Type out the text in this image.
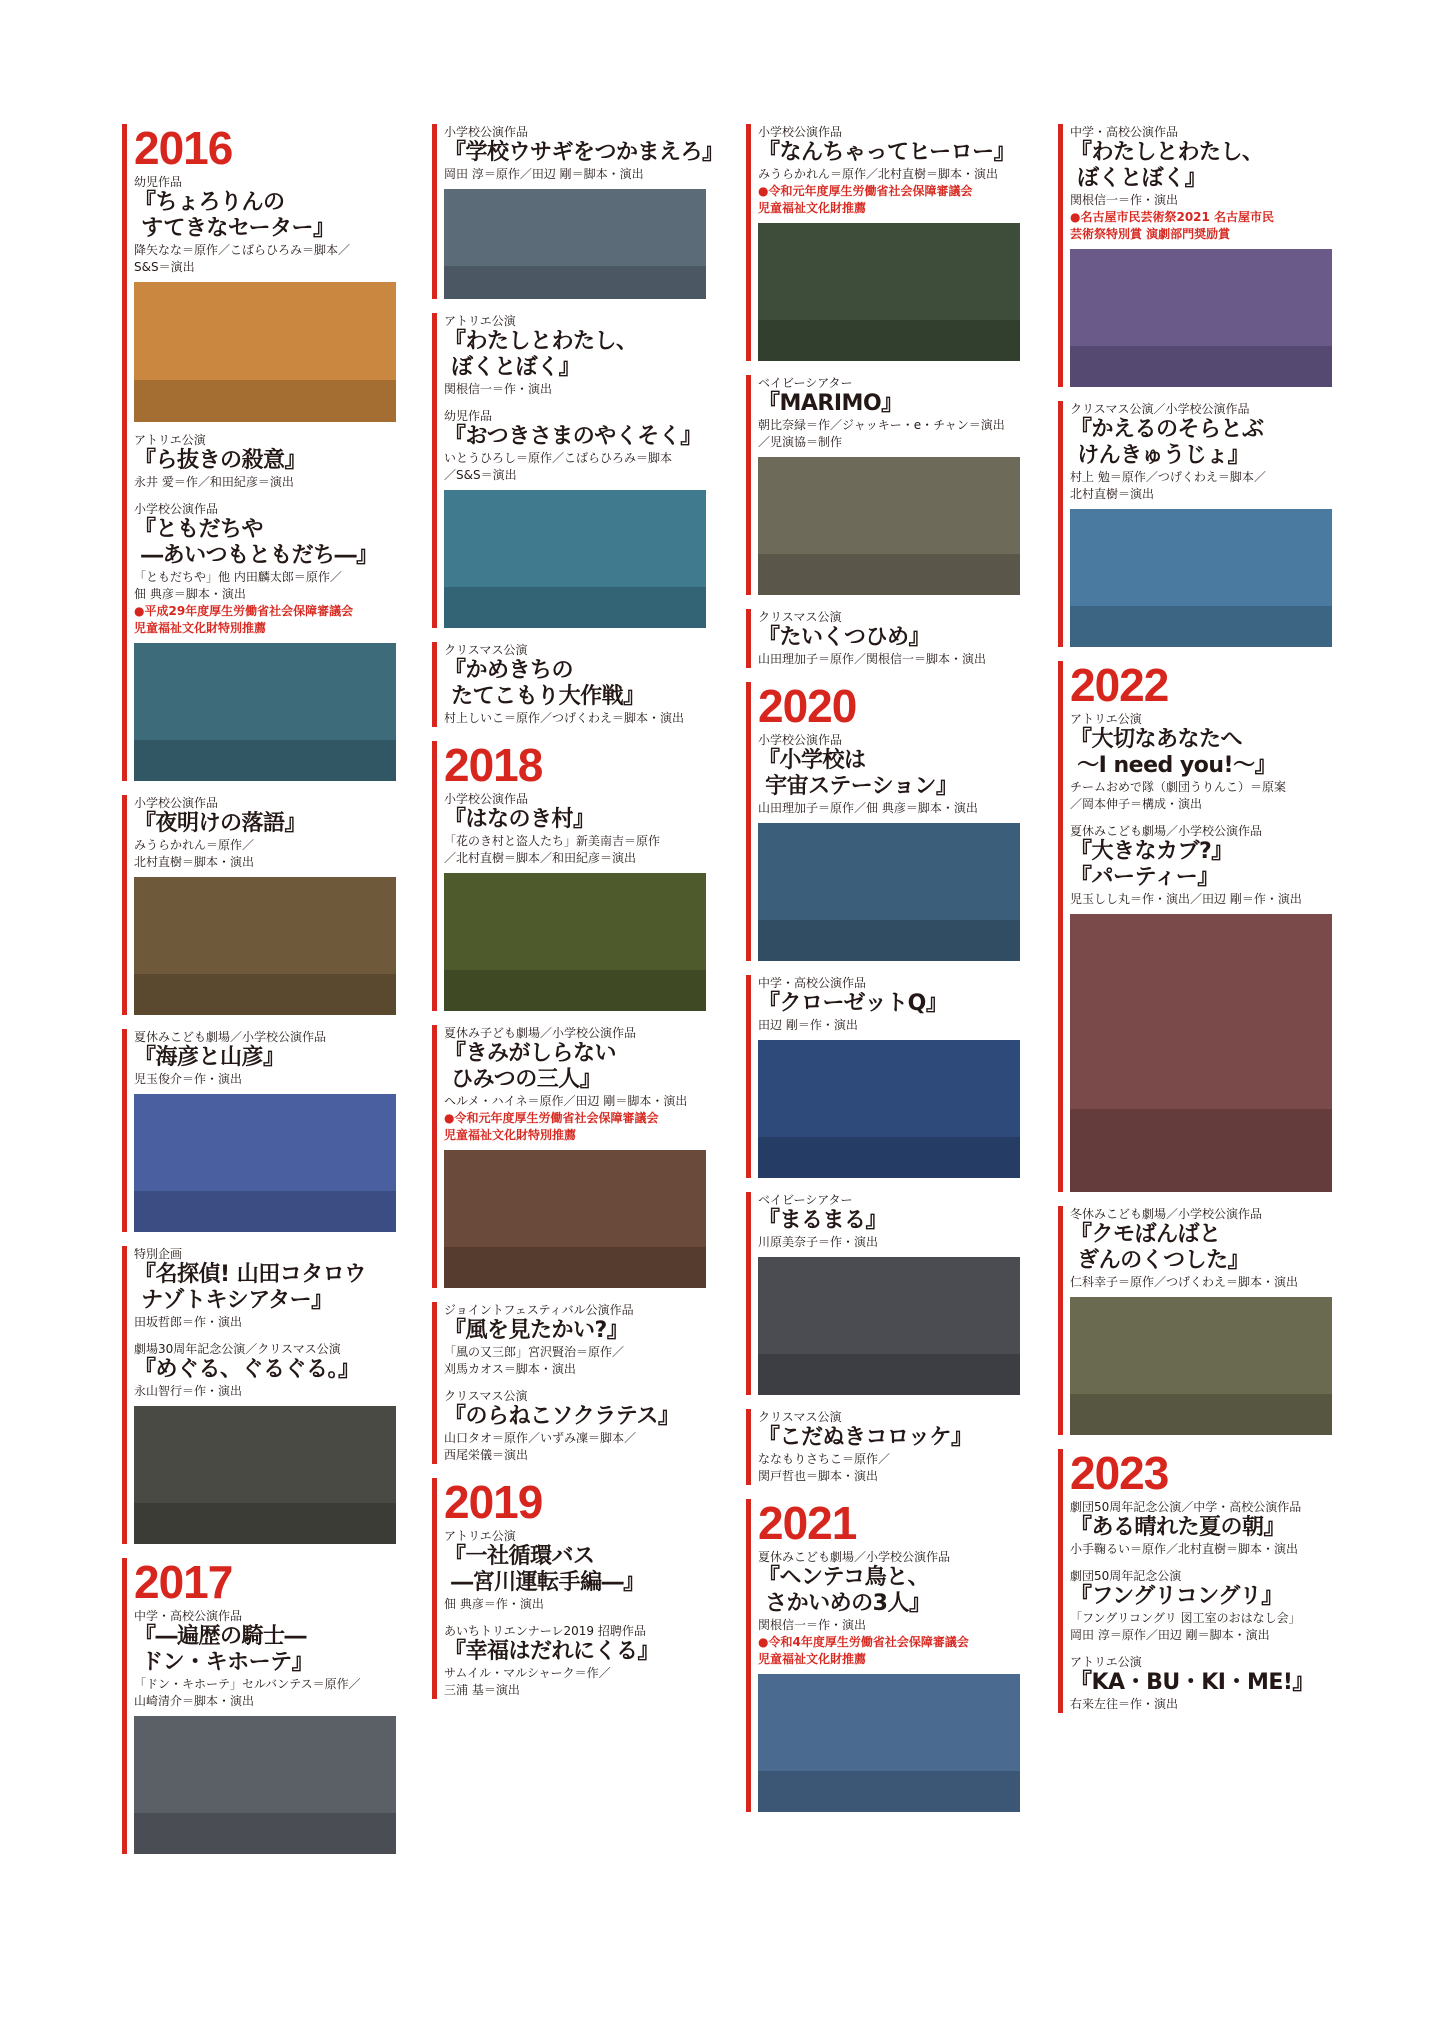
2016
幼児作品
『ちょろりんの
すてきなセーター』
降矢なな＝原作／こばらひろみ＝脚本／
S&S＝演出
アトリエ公演
『ら抜きの殺意』
永井 愛＝作／和田紀彦＝演出
小学校公演作品
『ともだちや
―あいつもともだち―』
「ともだちや」他 内田麟太郎＝原作／
佃 典彦＝脚本・演出
●平成29年度厚生労働省社会保障審議会
児童福祉文化財特別推薦
小学校公演作品
『夜明けの落語』
みうらかれん＝原作／
北村直樹＝脚本・演出
夏休みこども劇場／小学校公演作品
『海彦と山彦』
児玉俊介＝作・演出
特別企画
『名探偵! 山田コタロウ
ナゾトキシアター』
田坂哲郎＝作・演出
劇場30周年記念公演／クリスマス公演
『めぐる、ぐるぐる。』
永山智行＝作・演出
2017
中学・高校公演作品
『―遍歴の騎士―
ドン・キホーテ』
「ドン・キホーテ」セルバンテス＝原作／
山崎清介＝脚本・演出
小学校公演作品
『学校ウサギをつかまえろ』
岡田 淳＝原作／田辺 剛＝脚本・演出
アトリエ公演
『わたしとわたし、
ぼくとぼく』
関根信一＝作・演出
幼児作品
『おつきさまのやくそく』
いとうひろし＝原作／こばらひろみ＝脚本
／S&S＝演出
クリスマス公演
『かめきちの
たてこもり大作戦』
村上しいこ＝原作／つげくわえ＝脚本・演出
2018
小学校公演作品
『はなのき村』
「花のき村と盗人たち」新美南吉＝原作
／北村直樹＝脚本／和田紀彦＝演出
夏休み子ども劇場／小学校公演作品
『きみがしらない
ひみつの三人』
ヘルメ・ハイネ＝原作／田辺 剛＝脚本・演出
●令和元年度厚生労働省社会保障審議会
児童福祉文化財特別推薦
ジョイントフェスティバル公演作品
『風を見たかい?』
「風の又三郎」宮沢賢治＝原作／
刈馬カオス＝脚本・演出
クリスマス公演
『のらねこソクラテス』
山口タオ＝原作／いずみ凜＝脚本／
西尾栄儀＝演出
2019
アトリエ公演
『一社循環バス
―宮川運転手編―』
佃 典彦＝作・演出
あいちトリエンナーレ2019 招聘作品
『幸福はだれにくる』
サムイル・マルシャーク＝作／
三浦 基＝演出
小学校公演作品
『なんちゃってヒーロー』
みうらかれん＝原作／北村直樹＝脚本・演出
●令和元年度厚生労働省社会保障審議会
児童福祉文化財推薦
ベイビーシアター
『MARIMO』
朝比奈緑＝作／ジャッキー・e・チャン＝演出
／児演協＝制作
クリスマス公演
『たいくつひめ』
山田理加子＝原作／関根信一＝脚本・演出
2020
小学校公演作品
『小学校は
宇宙ステーション』
山田理加子＝原作／佃 典彦＝脚本・演出
中学・高校公演作品
『クローゼットQ』
田辺 剛＝作・演出
ベイビーシアター
『まるまる』
川原美奈子＝作・演出
クリスマス公演
『こだぬきコロッケ』
ななもりさちこ＝原作／
関戸哲也＝脚本・演出
2021
夏休みこども劇場／小学校公演作品
『ヘンテコ鳥と、
さかいめの3人』
関根信一＝作・演出
●令和4年度厚生労働省社会保障審議会
児童福祉文化財推薦
中学・高校公演作品
『わたしとわたし、
ぼくとぼく』
関根信一＝作・演出
●名古屋市民芸術祭2021 名古屋市民
芸術祭特別賞 演劇部門奨励賞
クリスマス公演／小学校公演作品
『かえるのそらとぶ
けんきゅうじょ』
村上 勉＝原作／つげくわえ＝脚本／
北村直樹＝演出
2022
アトリエ公演
『大切なあなたへ
～I need you!～』
チームおめで隊（劇団うりんこ）＝原案
／岡本伸子＝構成・演出
夏休みこども劇場／小学校公演作品
『大きなカブ?』
『パーティー』
児玉しし丸＝作・演出／田辺 剛＝作・演出
冬休みこども劇場／小学校公演作品
『クモばんばと
ぎんのくつした』
仁科幸子＝原作／つげくわえ＝脚本・演出
2023
劇団50周年記念公演／中学・高校公演作品
『ある晴れた夏の朝』
小手鞠るい＝原作／北村直樹＝脚本・演出
劇団50周年記念公演
『フングリコングリ』
「フングリコングリ 図工室のおはなし会」
岡田 淳＝原作／田辺 剛＝脚本・演出
アトリエ公演
『KA・BU・KI・ME!』
右来左往＝作・演出
